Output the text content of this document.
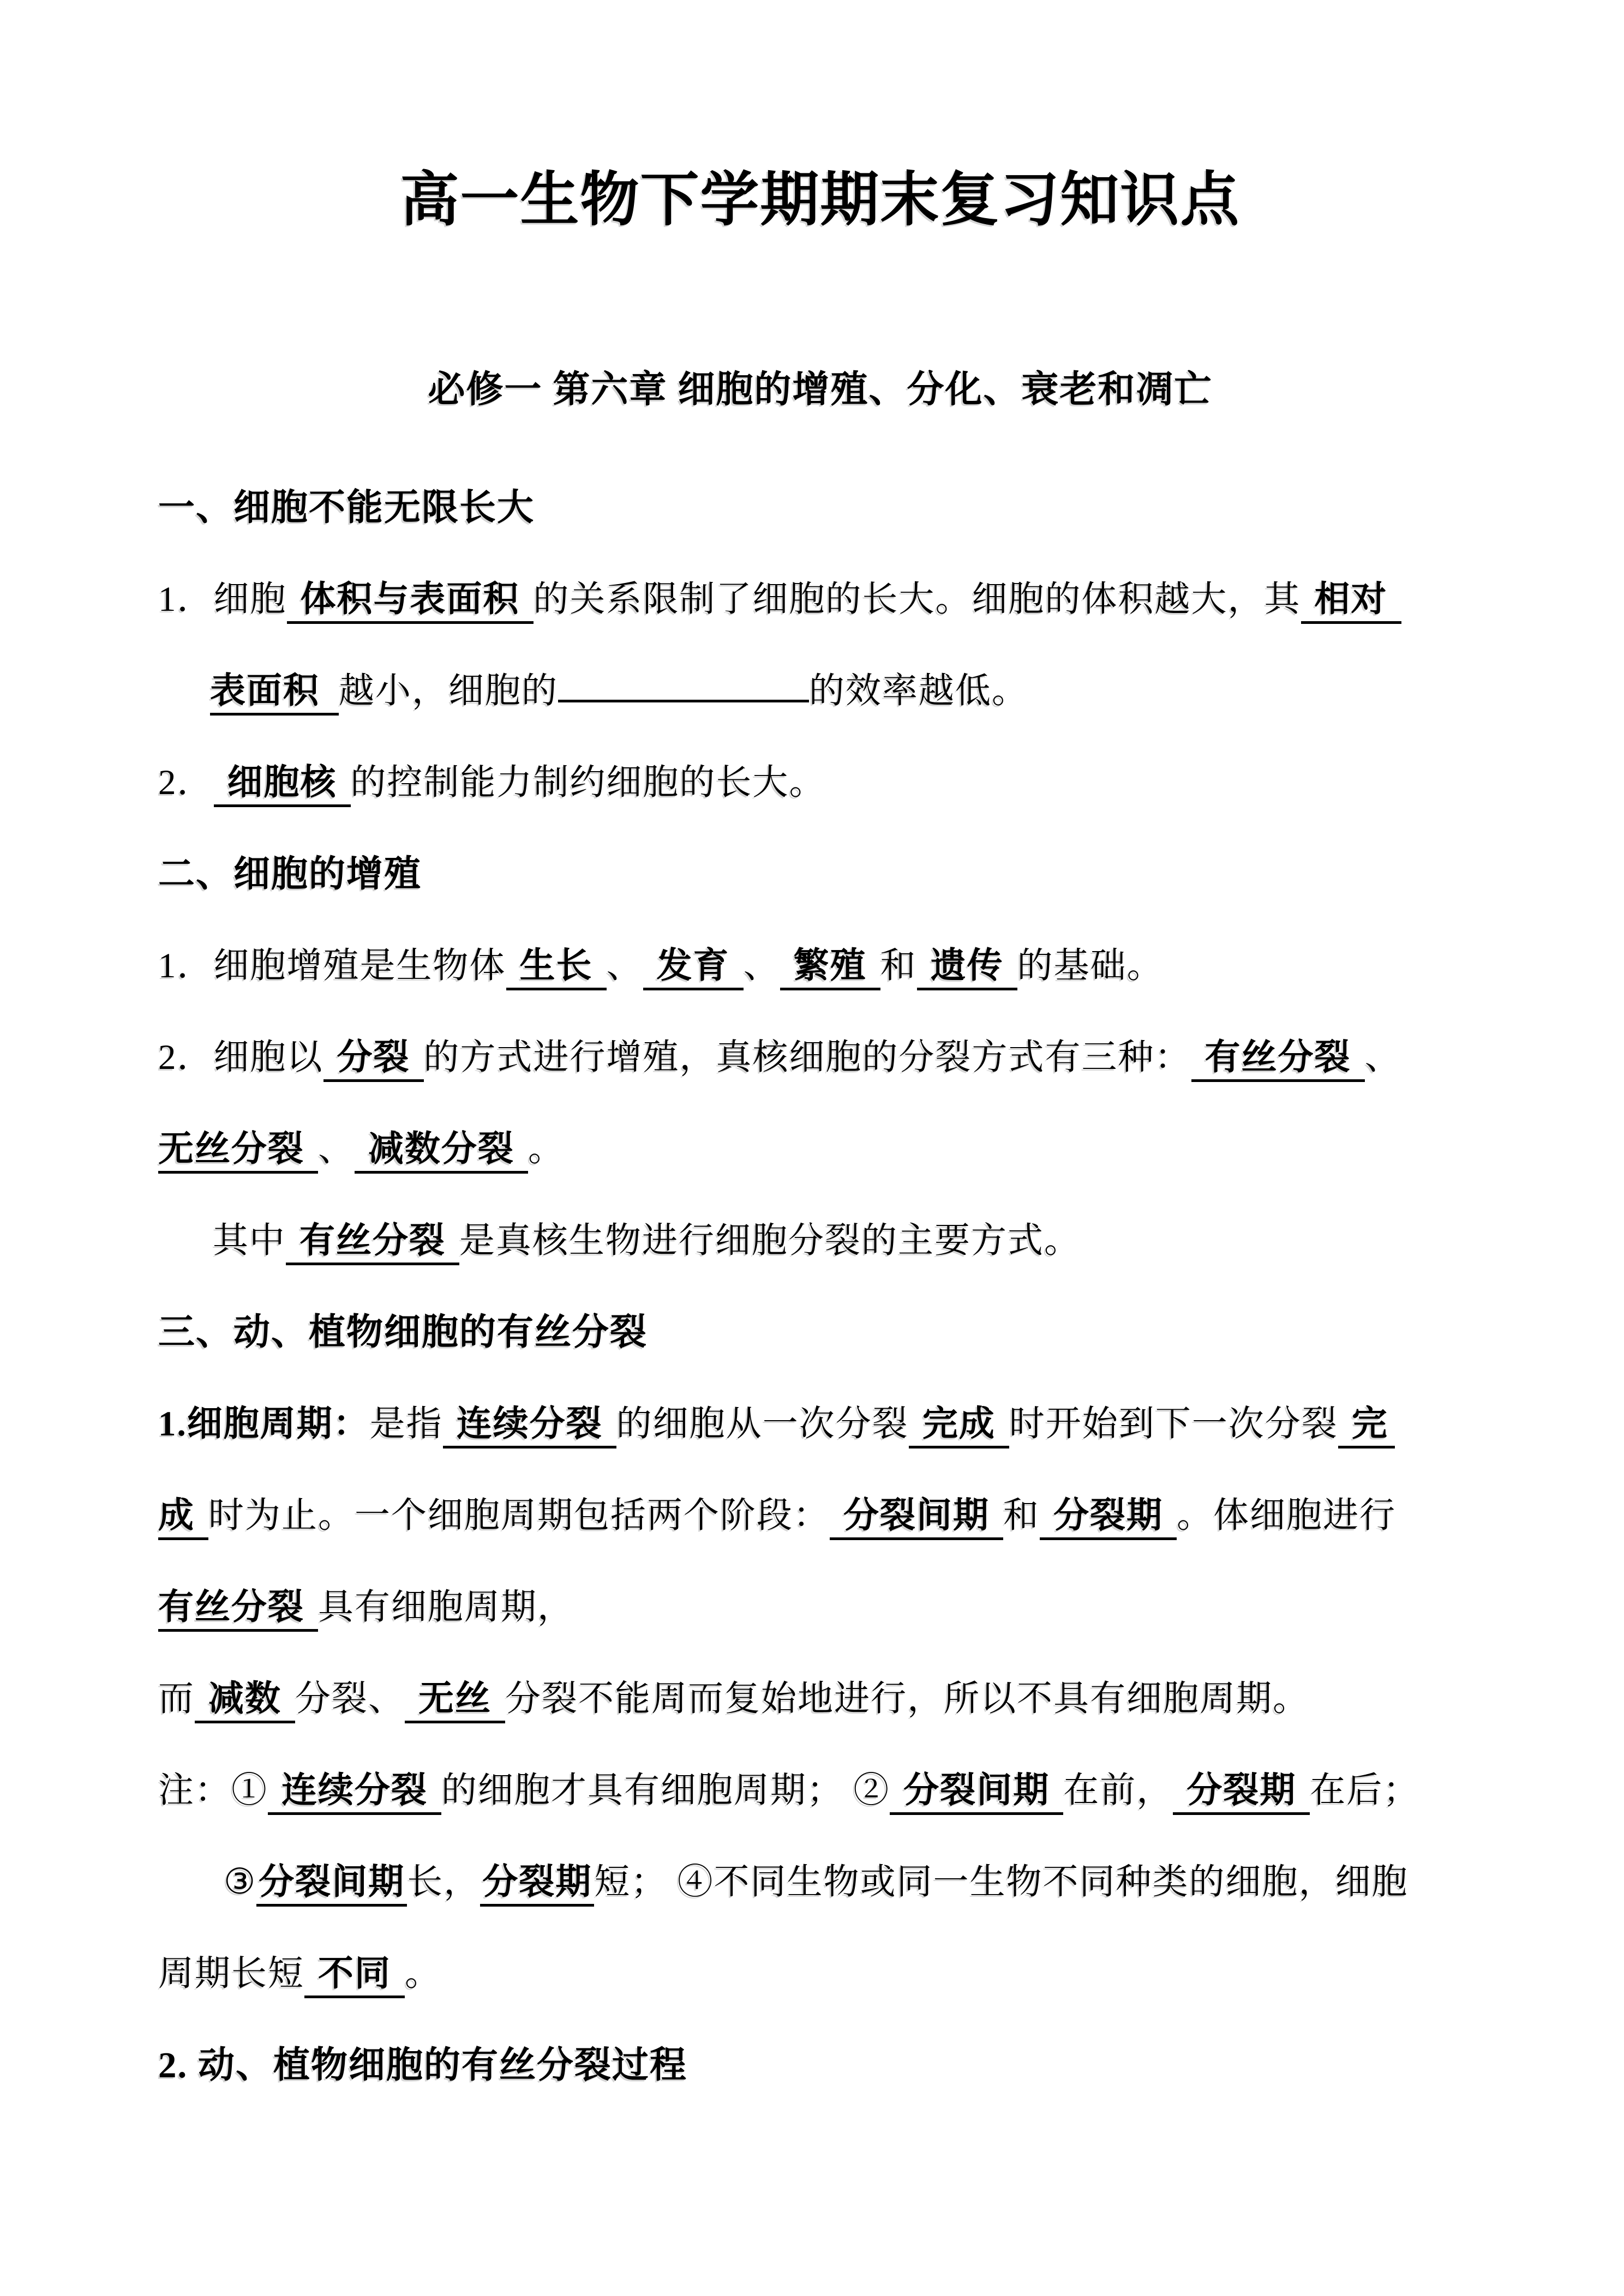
高一生物下学期期末复习知识点
必修一 第六章 细胞的增殖、分化、衰老和凋亡
一、细胞不能无限长大
1．细胞 体积与表面积 的关系限制了细胞的长大。细胞的体积越大，其 相对
表面积 越小，细胞的	的效率越低。
2． 细胞核 的控制能力制约细胞的长大。
二、细胞的增殖
1．细胞增殖是生物体 生长 、 发育 、 繁殖 和 遗传 的基础。
2．细胞以 分裂 的方式进行增殖，真核细胞的分裂方式有三种： 有丝分裂 、
无丝分裂 、 减数分裂 。
其中 有丝分裂 是真核生物进行细胞分裂的主要方式。
三、动、植物细胞的有丝分裂
1.细胞周期：是指 连续分裂 的细胞从一次分裂 完成 时开始到下一次分裂 完
成 时为止。一个细胞周期包括两个阶段： 分裂间期 和 分裂期 。体细胞进行
有丝分裂 具有细胞周期，
而 减数 分裂、 无丝 分裂不能周而复始地进行，所以不具有细胞周期。
注：① 连续分裂 的细胞才具有细胞周期； ② 分裂间期 在前， 分裂期 在后；
③分裂间期长，分裂期短； ④不同生物或同一生物不同种类的细胞，细胞
周期长短 不同 。
2. 动、植物细胞的有丝分裂过程
